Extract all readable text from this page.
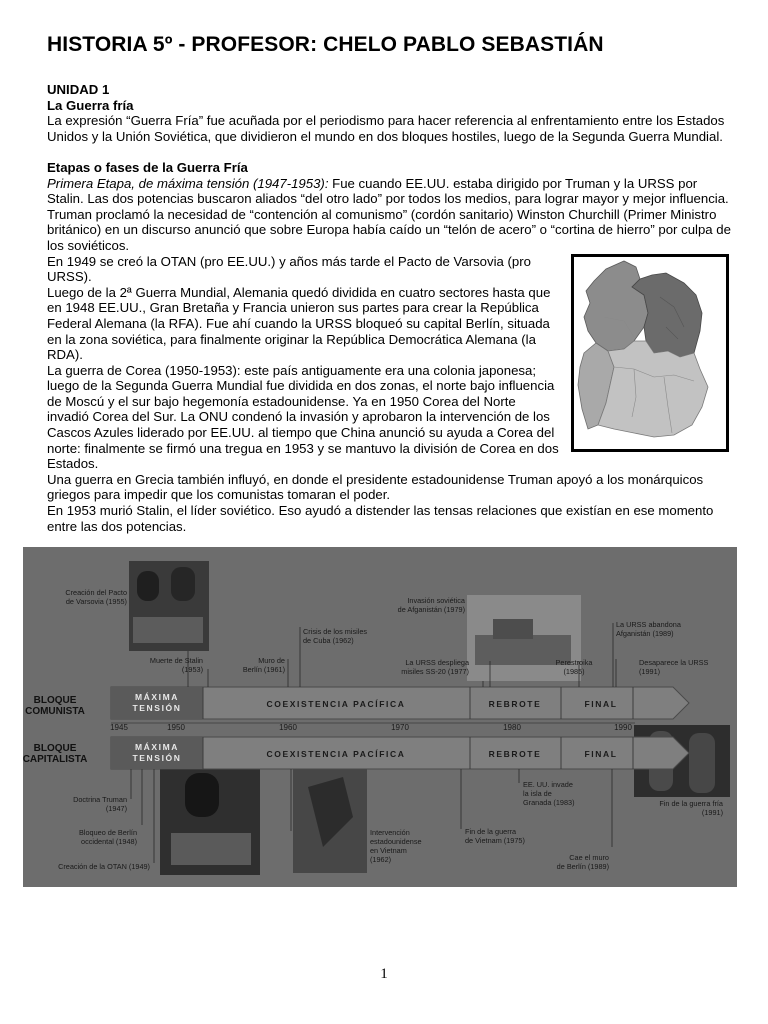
HISTORIA 5º - PROFESOR: CHELO PABLO SEBASTIÁN

UNIDAD 1

La Guerra fría

La expresión “Guerra Fría” fue acuñada por el periodismo para hacer referencia al enfrentamiento entre los Estados Unidos y la Unión Soviética, que dividieron el mundo en dos bloques hostiles, luego de la Segunda Guerra Mundial.

Etapas o fases de la Guerra Fría

Primera Etapa, de máxima tensión (1947-1953): Fue cuando EE.UU. estaba dirigido por Truman y la URSS por Stalin. Las dos potencias buscaron aliados “del otro lado” por todos los medios, para lograr mayor y mejor influencia. Truman proclamó la necesidad de “contención al comunismo” (cordón sanitario) Winston Churchill (Primer Ministro británico) en un discurso anunció que sobre Europa había caído un “telón de acero” o “cortina de hierro” por culpa de los soviéticos.

En 1949 se creó la OTAN (pro EE.UU.) y años más tarde el Pacto de Varsovia (pro URSS).

Luego de la 2ª Guerra Mundial, Alemania quedó dividida en cuatro sectores hasta que en 1948 EE.UU., Gran Bretaña y Francia unieron sus partes para crear la República Federal Alemana (la RFA). Fue ahí cuando la URSS bloqueó su capital Berlín, situada en la zona soviética, para finalmente originar la República Democrática Alemana (la RDA).

La guerra de Corea (1950-1953): este país antiguamente era una colonia japonesa; luego de la Segunda Guerra Mundial fue dividida en dos zonas, el norte bajo influencia de Moscú y el sur bajo hegemonía estadounidense. Ya en 1950 Corea del Norte invadió Corea del Sur. La ONU condenó la invasión y aprobaron la intervención de los Cascos Azules liderado por EE.UU. al tiempo que China anunció su ayuda a Corea del norte: finalmente se firmó una tregua en 1953 y se mantuvo la división de Corea en dos Estados.

Una guerra en Grecia también influyó, en donde el presidente estadounidense Truman apoyó a los monárquicos griegos para impedir que los comunistas tomaran el poder.

En 1953 murió Stalin, el líder soviético. Eso ayudó a distender las tensas relaciones que existían en ese momento entre las dos potencias.

BLOQUE
COMUNISTA
BLOQUE
CAPITALISTA
MÁXIMA
TENSIÓN	COEXISTENCIA PACÍFICA	REBROTE	FINAL
1945	1950	1960	1970	1980	1990
MÁXIMA
TENSIÓN	COEXISTENCIA PACÍFICA	REBROTE	FINAL
Creación del Pacto
de Varsovia (1955)
Muerte de Stalin
(1953)
Crisis de los misiles
de Cuba (1962)
Muro de
Berlín (1961)
Invasión soviética
de Afganistán (1979)
La URSS despliega
misiles SS-20 (1977)
Perestroika
(1985)
La URSS abandona
Afganistán (1989)
Desaparece la URSS
(1991)
Doctrina Truman
(1947)
Bloqueo de Berlín
occidental (1948)
Creación de la OTAN (1949)
Intervención
estadounidense
en Vietnam
(1962)
Fin de la guerra
de Vietnam (1975)
EE. UU. invade
la isla de
Granada (1983)
Cae el muro
de Berlín (1989)
Fin de la guerra fría
(1991)
1
